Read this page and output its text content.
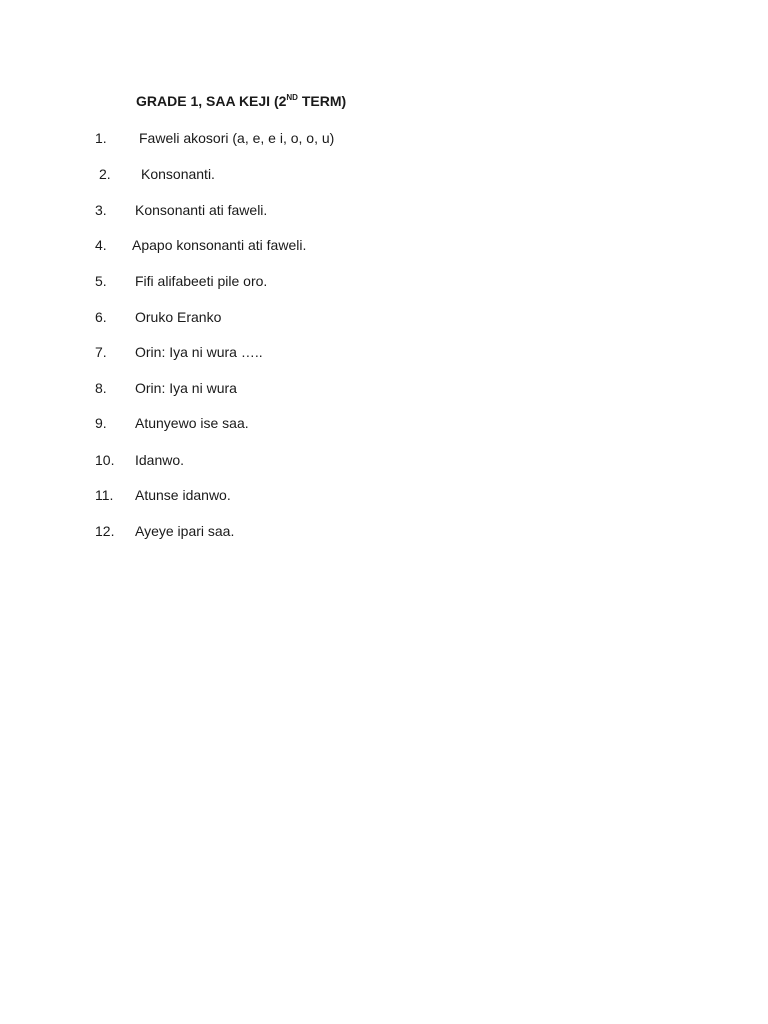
GRADE 1, SAA KEJI (2ND TERM)
1. Faweli akosori (a, e, e i, o, o, u)
2. Konsonanti.
3. Konsonanti ati faweli.
4. Apapo konsonanti ati faweli.
5. Fifi alifabeeti pile oro.
6. Oruko Eranko
7. Orin: Iya ni wura …..
8. Orin: Iya ni wura
9. Atunyewo ise saa.
10. Idanwo.
11. Atunse idanwo.
12. Ayeye ipari saa.
